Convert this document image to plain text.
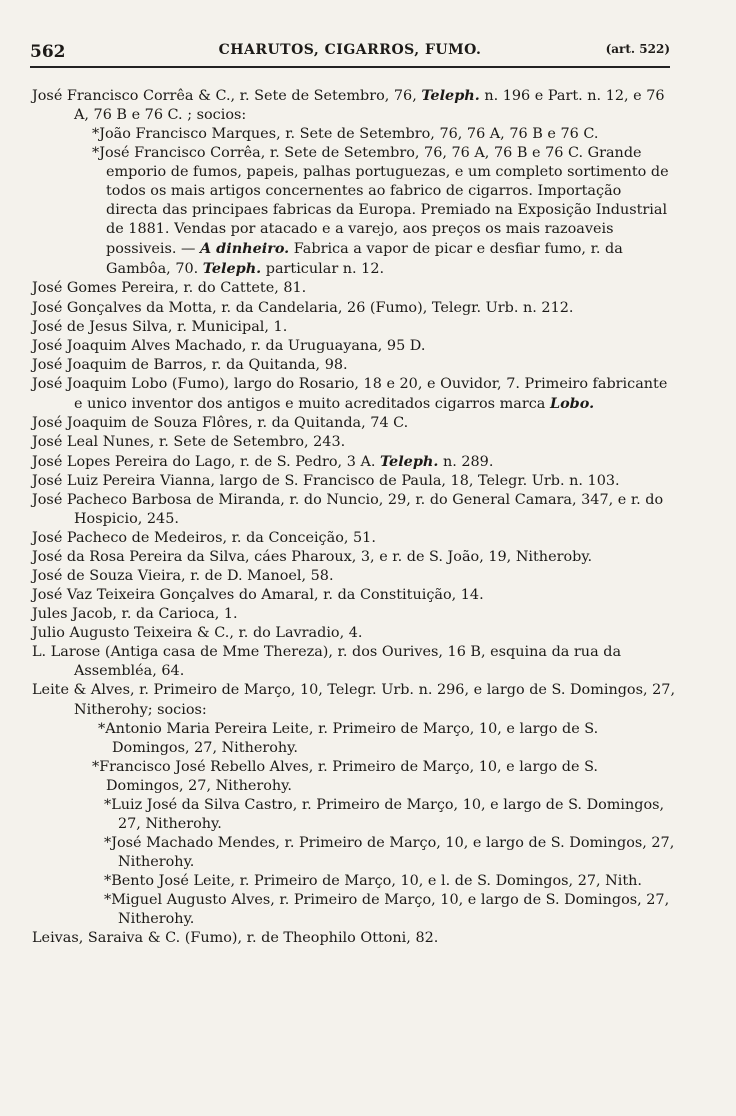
562	CHARUTOS, CIGARROS, FUMO.	(art. 522)

José Francisco Corrêa & C., r. Sete de Setembro, 76, Teleph. n. 196 e Part. n. 12, e 76 A, 76 B e 76 C. ; socios:

*João Francisco Marques, r. Sete de Setembro, 76, 76 A, 76 B e 76 C.

*José Francisco Corrêa, r. Sete de Setembro, 76, 76 A, 76 B e 76 C. Grande emporio de fumos, papeis, palhas portuguezas, e um completo sortimento de todos os mais artigos concernentes ao fabrico de cigarros. Importação directa das principaes fabricas da Europa. Premiado na Exposição Industrial de 1881. Vendas por atacado e a varejo, aos preços os mais razoaveis possiveis. — A dinheiro. Fabrica a vapor de picar e desfiar fumo, r. da Gambôa, 70. Teleph. particular n. 12.

José Gomes Pereira, r. do Cattete, 81.

José Gonçalves da Motta, r. da Candelaria, 26 (Fumo), Telegr. Urb. n. 212.

José de Jesus Silva, r. Municipal, 1.

José Joaquim Alves Machado, r. da Uruguayana, 95 D.

José Joaquim de Barros, r. da Quitanda, 98.

José Joaquim Lobo (Fumo), largo do Rosario, 18 e 20, e Ouvidor, 7. Primeiro fabricante e unico inventor dos antigos e muito acreditados cigarros marca Lobo.

José Joaquim de Souza Flôres, r. da Quitanda, 74 C.

José Leal Nunes, r. Sete de Setembro, 243.

José Lopes Pereira do Lago, r. de S. Pedro, 3 A. Teleph. n. 289.

José Luiz Pereira Vianna, largo de S. Francisco de Paula, 18, Telegr. Urb. n. 103.

José Pacheco Barbosa de Miranda, r. do Nuncio, 29, r. do General Camara, 347, e r. do Hospicio, 245.

José Pacheco de Medeiros, r. da Conceição, 51.

José da Rosa Pereira da Silva, cáes Pharoux, 3, e r. de S. João, 19, Nitheroby.

José de Souza Vieira, r. de D. Manoel, 58.

José Vaz Teixeira Gonçalves do Amaral, r. da Constituição, 14.

Jules Jacob, r. da Carioca, 1.

Julio Augusto Teixeira & C., r. do Lavradio, 4.

L. Larose (Antiga casa de Mme Thereza), r. dos Ourives, 16 B, esquina da rua da Assembléa, 64.

Leite & Alves, r. Primeiro de Março, 10, Telegr. Urb. n. 296, e largo de S. Domingos, 27, Nitherohy; socios:

*Antonio Maria Pereira Leite, r. Primeiro de Março, 10, e largo de S. Domingos, 27, Nitherohy.

*Francisco José Rebello Alves, r. Primeiro de Março, 10, e largo de S. Domingos, 27, Nitherohy.

*Luiz José da Silva Castro, r. Primeiro de Março, 10, e largo de S. Domingos, 27, Nitherohy.

*José Machado Mendes, r. Primeiro de Março, 10, e largo de S. Domingos, 27, Nitherohy.

*Bento José Leite, r. Primeiro de Março, 10, e l. de S. Domingos, 27, Nith.

*Miguel Augusto Alves, r. Primeiro de Março, 10, e largo de S. Domingos, 27, Nitherohy.

Leivas, Saraiva & C. (Fumo), r. de Theophilo Ottoni, 82.
